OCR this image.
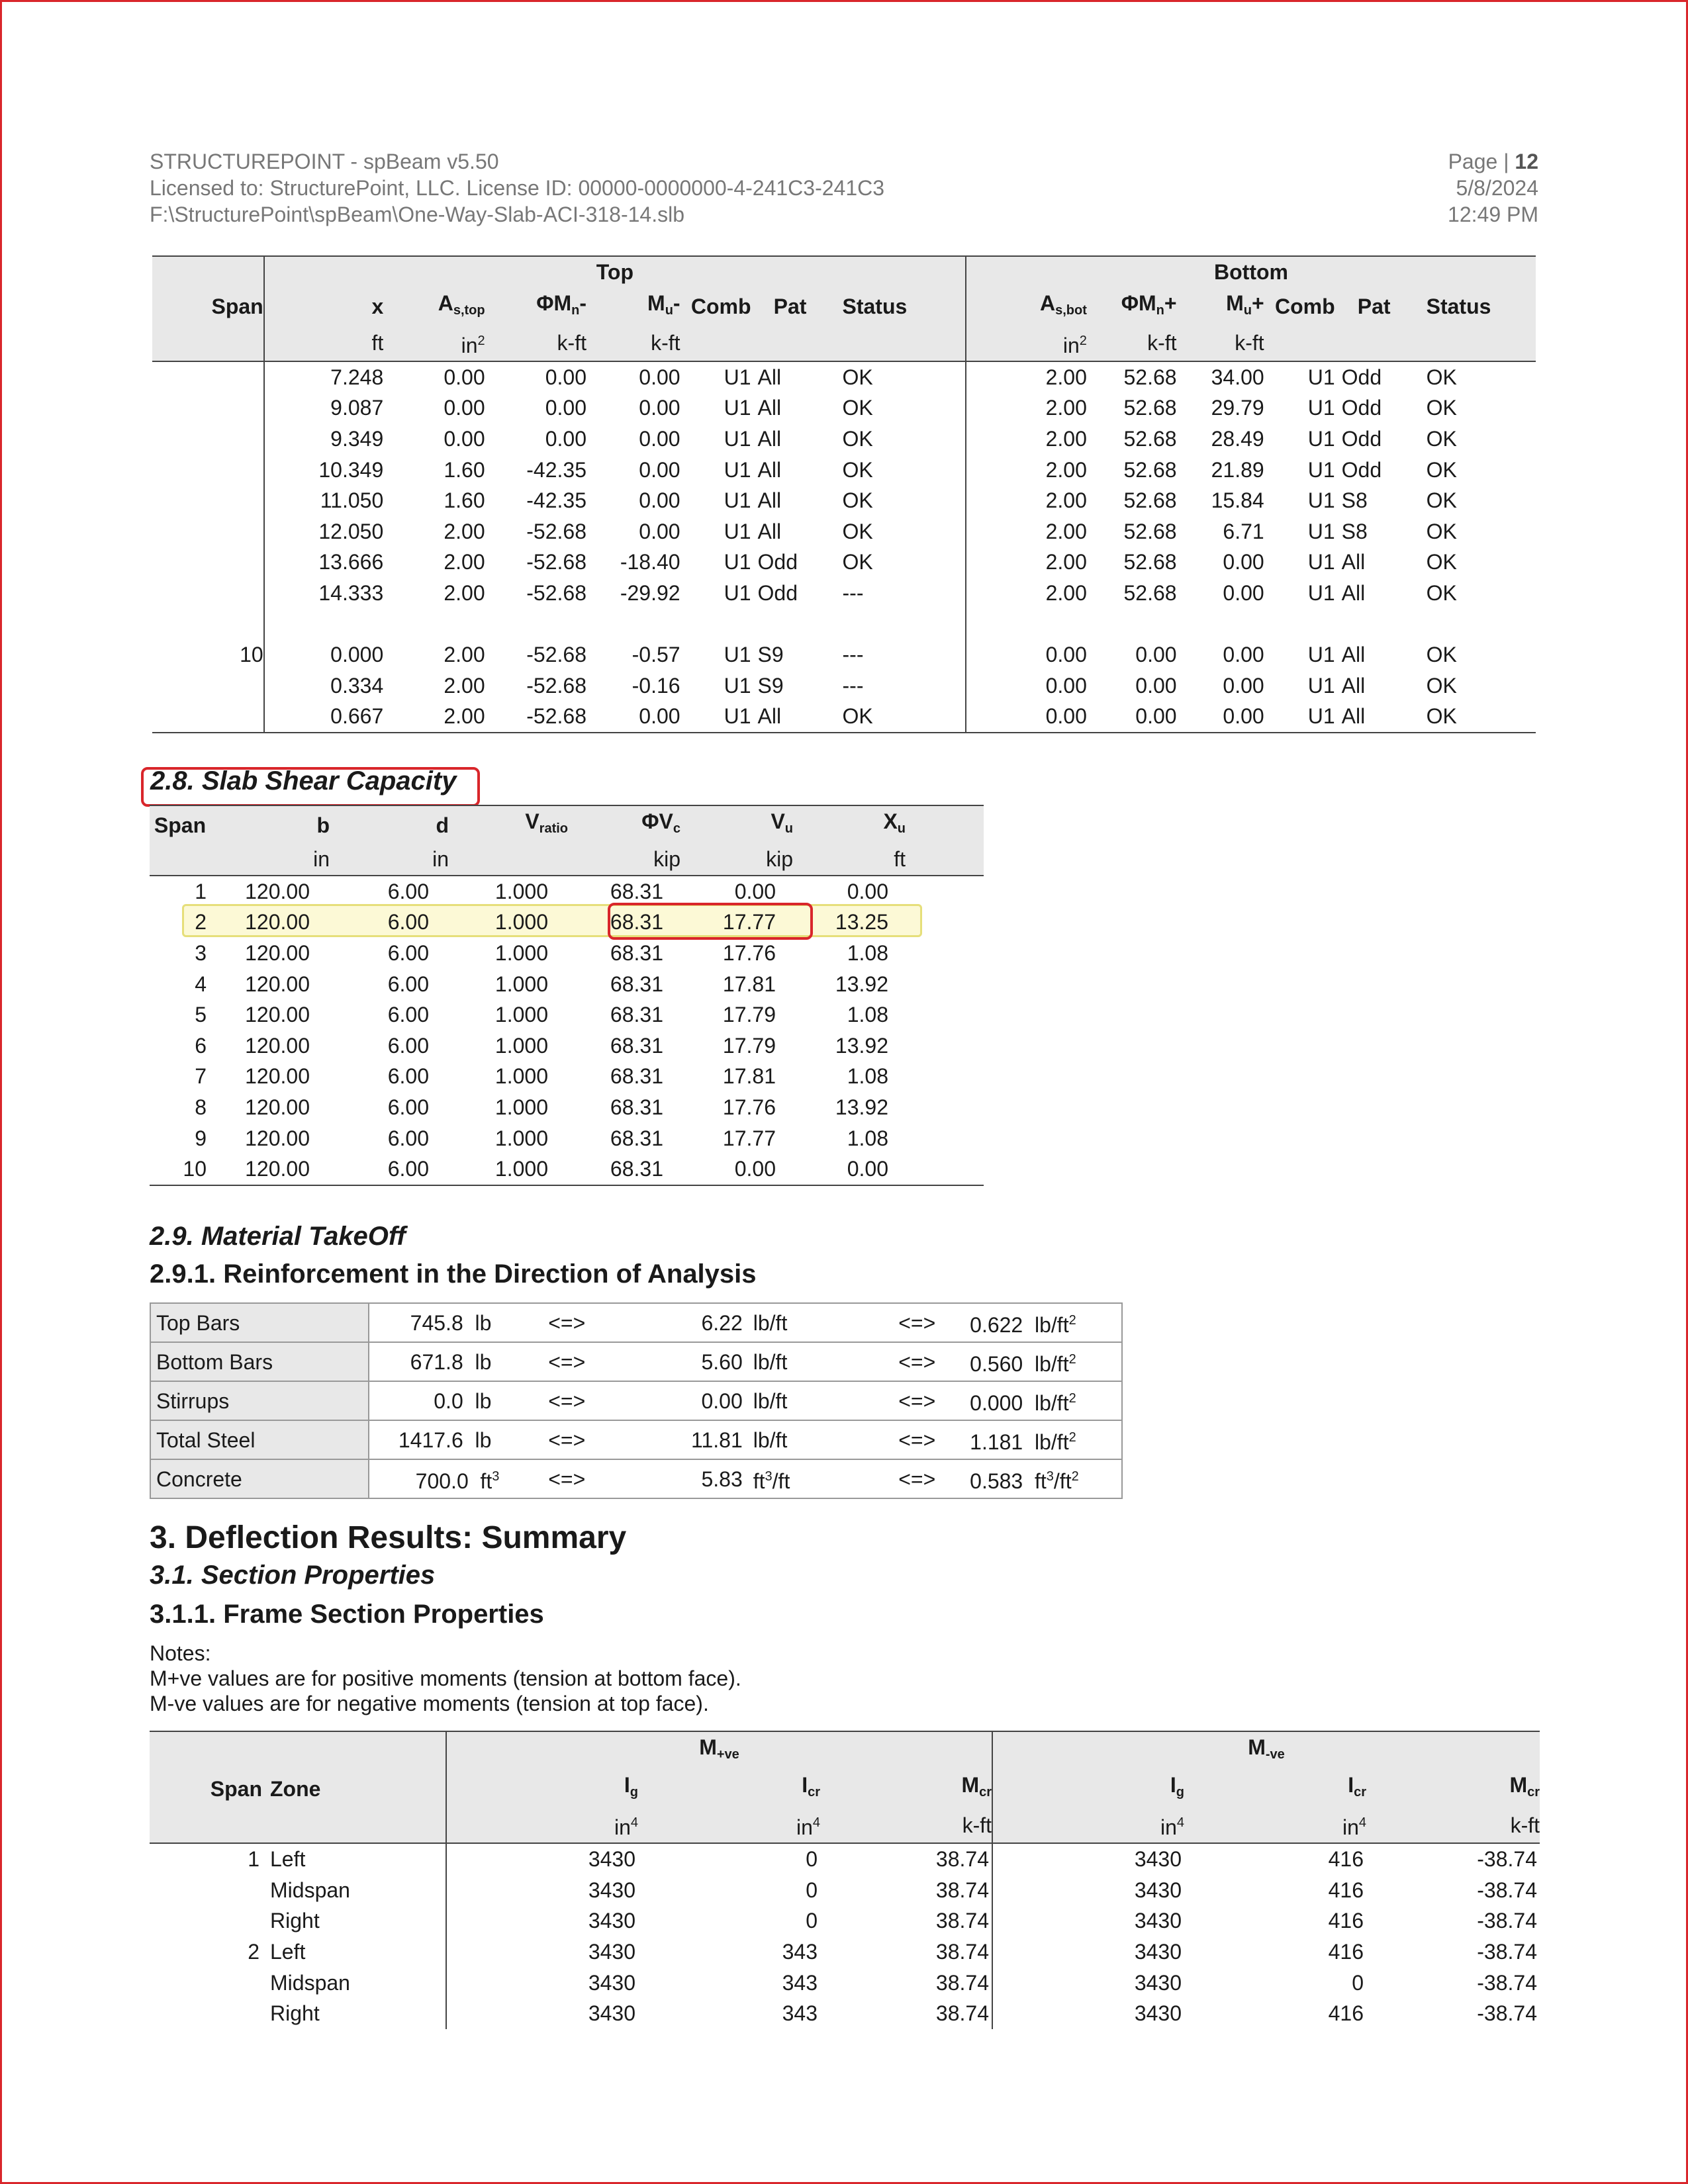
STRUCTUREPOINT - spBeam v5.50
Licensed to: StructurePoint, LLC. License ID: 00000-0000000-4-241C3-241C3
F:\StructurePoint\spBeam\One-Way-Slab-ACI-318-14.slb
Page | 12
5/8/2024
12:49 PM
	Top							Bottom					
Span	x	$A_{s,top}$	$\Phi M_n-$	$M_u-$	Comb	Pat	Status	$A_{s,bot}$	$\Phi M_n+$	$M_u+$	Comb	Pat	Status
	ft	$in^2$	k-ft	k-ft				$in^2$	k-ft	k-ft			
	7.248	0.00	0.00	0.00	U1	All	OK	2.00	52.68	34.00	U1	Odd	OK
	9.087	0.00	0.00	0.00	U1	All	OK	2.00	52.68	29.79	U1	Odd	OK
	9.349	0.00	0.00	0.00	U1	All	OK	2.00	52.68	28.49	U1	Odd	OK
	10.349	1.60	-42.35	0.00	U1	All	OK	2.00	52.68	21.89	U1	Odd	OK
	11.050	1.60	-42.35	0.00	U1	All	OK	2.00	52.68	15.84	U1	S8	OK
	12.050	2.00	-52.68	0.00	U1	All	OK	2.00	52.68	6.71	U1	S8	OK
	13.666	2.00	-52.68	-18.40	U1	Odd	OK	2.00	52.68	0.00	U1	All	OK
	14.333	2.00	-52.68	-29.92	U1	Odd	---	2.00	52.68	0.00	U1	All	OK

10	0.000	2.00	-52.68	-0.57	U1	S9	---	0.00	0.00	0.00	U1	All	OK
	0.334	2.00	-52.68	-0.16	U1	S9	---	0.00	0.00	0.00	U1	All	OK
	0.667	2.00	-52.68	0.00	U1	All	OK	0.00	0.00	0.00	U1	All	OK
2.8. Slab Shear Capacity
Span	b	d	$V_{ratio}$	$\Phi V_c$	$V_u$	$X_u$	
	in	in		kip	kip	ft	
1	120.00	6.00	1.000	68.31	0.00	0.00	
2	120.00	6.00	1.000	68.31	17.77	13.25	
3	120.00	6.00	1.000	68.31	17.76	1.08	
4	120.00	6.00	1.000	68.31	17.81	13.92	
5	120.00	6.00	1.000	68.31	17.79	1.08	
6	120.00	6.00	1.000	68.31	17.79	13.92	
7	120.00	6.00	1.000	68.31	17.81	1.08	
8	120.00	6.00	1.000	68.31	17.76	13.92	
9	120.00	6.00	1.000	68.31	17.77	1.08	
10	120.00	6.00	1.000	68.31	0.00	0.00	
2.9. Material TakeOff
2.9.1. Reinforcement in the Direction of Analysis
Top Bars	745.8 lb	<=>	6.22	lb/ft	<=>	0.622 $lb/ft^2$
Bottom Bars	671.8 lb	<=>	5.60	lb/ft	<=>	0.560 $lb/ft^2$
Stirrups	0.0 lb	<=>	0.00	lb/ft	<=>	0.000 $lb/ft^2$
Total Steel	1417.6 lb	<=>	11.81	lb/ft	<=>	1.181 $lb/ft^2$
Concrete	700.0 $ft^3$	<=>	5.83	$ft^3/ft$	<=>	0.583 $ft^3/ft^2$
3. Deflection Results: Summary
3.1. Section Properties
3.1.1. Frame Section Properties
Notes:
M+ve values are for positive moments (tension at bottom face).
M-ve values are for negative moments (tension at top face).
		$M_{+ve}$			$M_{-ve}$
Span	Zone	$I_g$	$I_{cr}$	$M_{cr}$	$I_g$	$I_{cr}$	$M_{cr}$
		$in^4$	$in^4$	k-ft	$in^4$	$in^4$	k-ft
1	Left	3430	0	38.74	3430	416	-38.74
	Midspan	3430	0	38.74	3430	416	-38.74
	Right	3430	0	38.74	3430	416	-38.74
2	Left	3430	343	38.74	3430	416	-38.74
	Midspan	3430	343	38.74	3430	0	-38.74
	Right	3430	343	38.74	3430	416	-38.74
